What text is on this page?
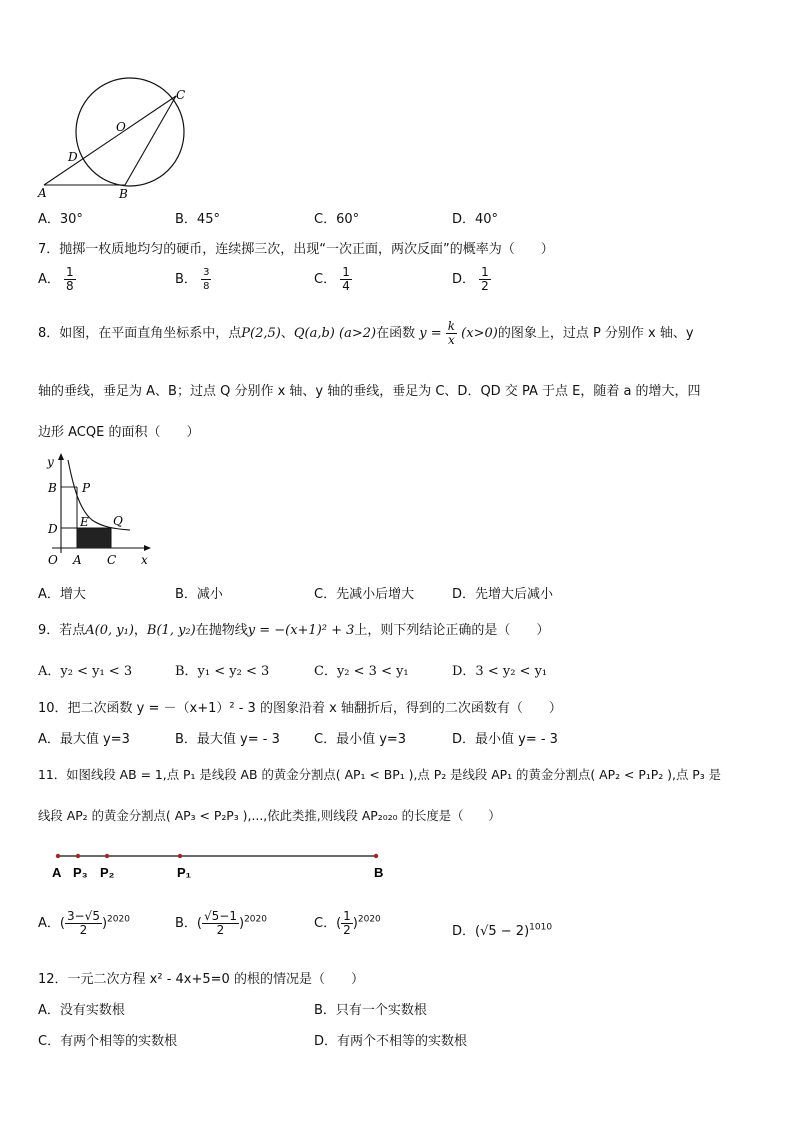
C
O
D
A	B
A．30°	B．45°	C．60°	D．40°
7．抛掷一枚质地均匀的硬币，连续掷三次，出现“一次正面，两次反面”的概率为（　　）
A． $\frac{1}{8}$	B． $\frac{3}{8}$	C． $\frac{1}{4}$	D． $\frac{1}{2}$
8．如图，在平面直角坐标系中，点P(2,5)、Q(a,b) (a>2)在函数 $y = \frac{k}{x} (x>0)$的图象上，过点 P 分别作 x 轴、y
轴的垂线，垂足为 A、B；过点 Q 分别作 x 轴、y 轴的垂线，垂足为 C、D．QD 交 PA 于点 E，随着 a 的增大，四
边形 ACQE 的面积（　　）
y
B P
D E Q
O A C x
A．增大	B．减小	C．先减小后增大	D．先增大后减小
9．若点A(0, y₁)，B(1, y₂)在抛物线y = −(x+1)² + 3上，则下列结论正确的是（　　）
A．y₂ < y₁ < 3	B．y₁ < y₂ < 3	C．y₂ < 3 < y₁	D．3 < y₂ < y₁
10．把二次函数 y = －（x+1）² - 3 的图象沿着 x 轴翻折后，得到的二次函数有（　　）
A．最大值 y=3	B．最大值 y= - 3	C．最小值 y=3	D．最小值 y= - 3
11．如图线段 AB = 1,点 P₁ 是线段 AB 的黄金分割点( AP₁ < BP₁ ),点 P₂ 是线段 AP₁ 的黄金分割点( AP₂ < P₁P₂ ),点 P₃ 是
线段 AP₂ 的黄金分割点( AP₃ < P₂P₃ ),...,依此类推,则线段 AP₂₀₂₀ 的长度是（　　）
A P₃ P₂	P₁	B
A．( $\frac{3-√5}{2} )^{2020}$	B．( $\frac{√5-1}{2} )^{2020}$	C．( $\frac{1}{2} )^{2020}$
D．$(√5 - 2)^{1010}$
12．一元二次方程 x² - 4x+5=0 的根的情况是（　　）
A．没有实数根	B．只有一个实数根
C．有两个相等的实数根	D．有两个不相等的实数根
